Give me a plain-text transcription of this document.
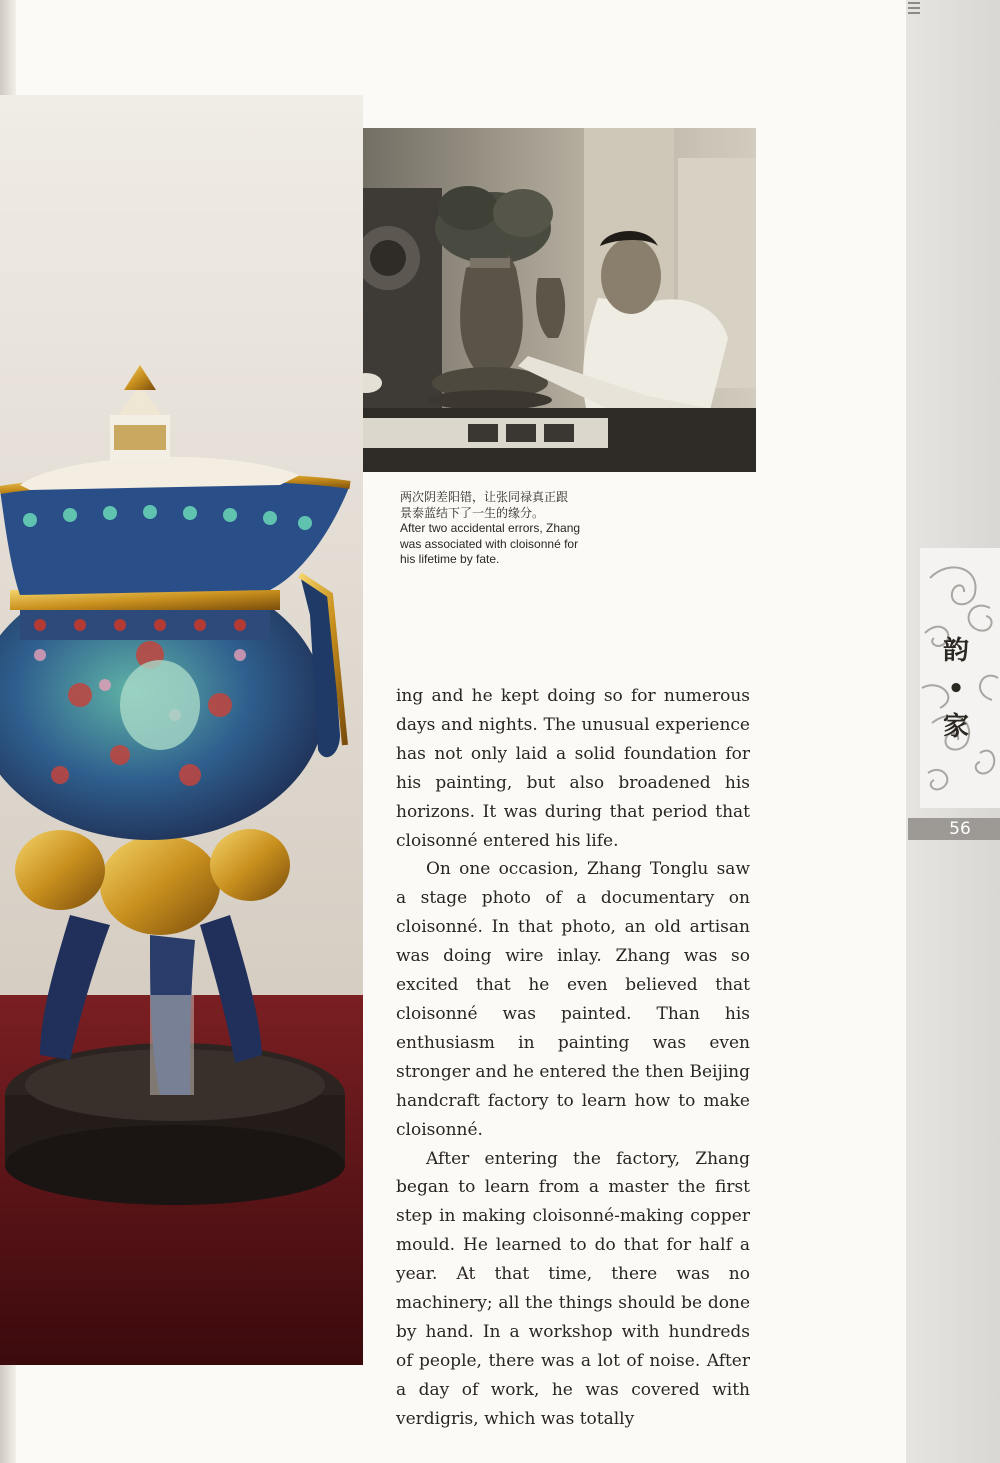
韵
•
家
56
两次阴差阳错，让张同禄真正跟
景泰蓝结下了一生的缘分。
After two accidental errors, Zhang
was associated with cloisonné for
his lifetime by fate.

ing and he kept doing so for numerous days and nights. The unusual experience has not only laid a solid foundation for his painting, but also broadened his horizons. It was during that period that cloisonné entered his life.

On one occasion, Zhang Tonglu saw a stage photo of a documentary on cloisonné. In that photo, an old artisan was doing wire inlay. Zhang was so excited that he even believed that cloisonné was painted. Than his enthusiasm in painting was even stronger and he entered the then Beijing handcraft factory to learn how to make cloisonné.

After entering the factory, Zhang began to learn from a master the first step in making cloisonné-making copper mould. He learned to do that for half a year. At that time, there was no machinery; all the things should be done by hand. In a workshop with hundreds of people, there was a lot of noise. After a day of work, he was covered with verdigris, which was totally
